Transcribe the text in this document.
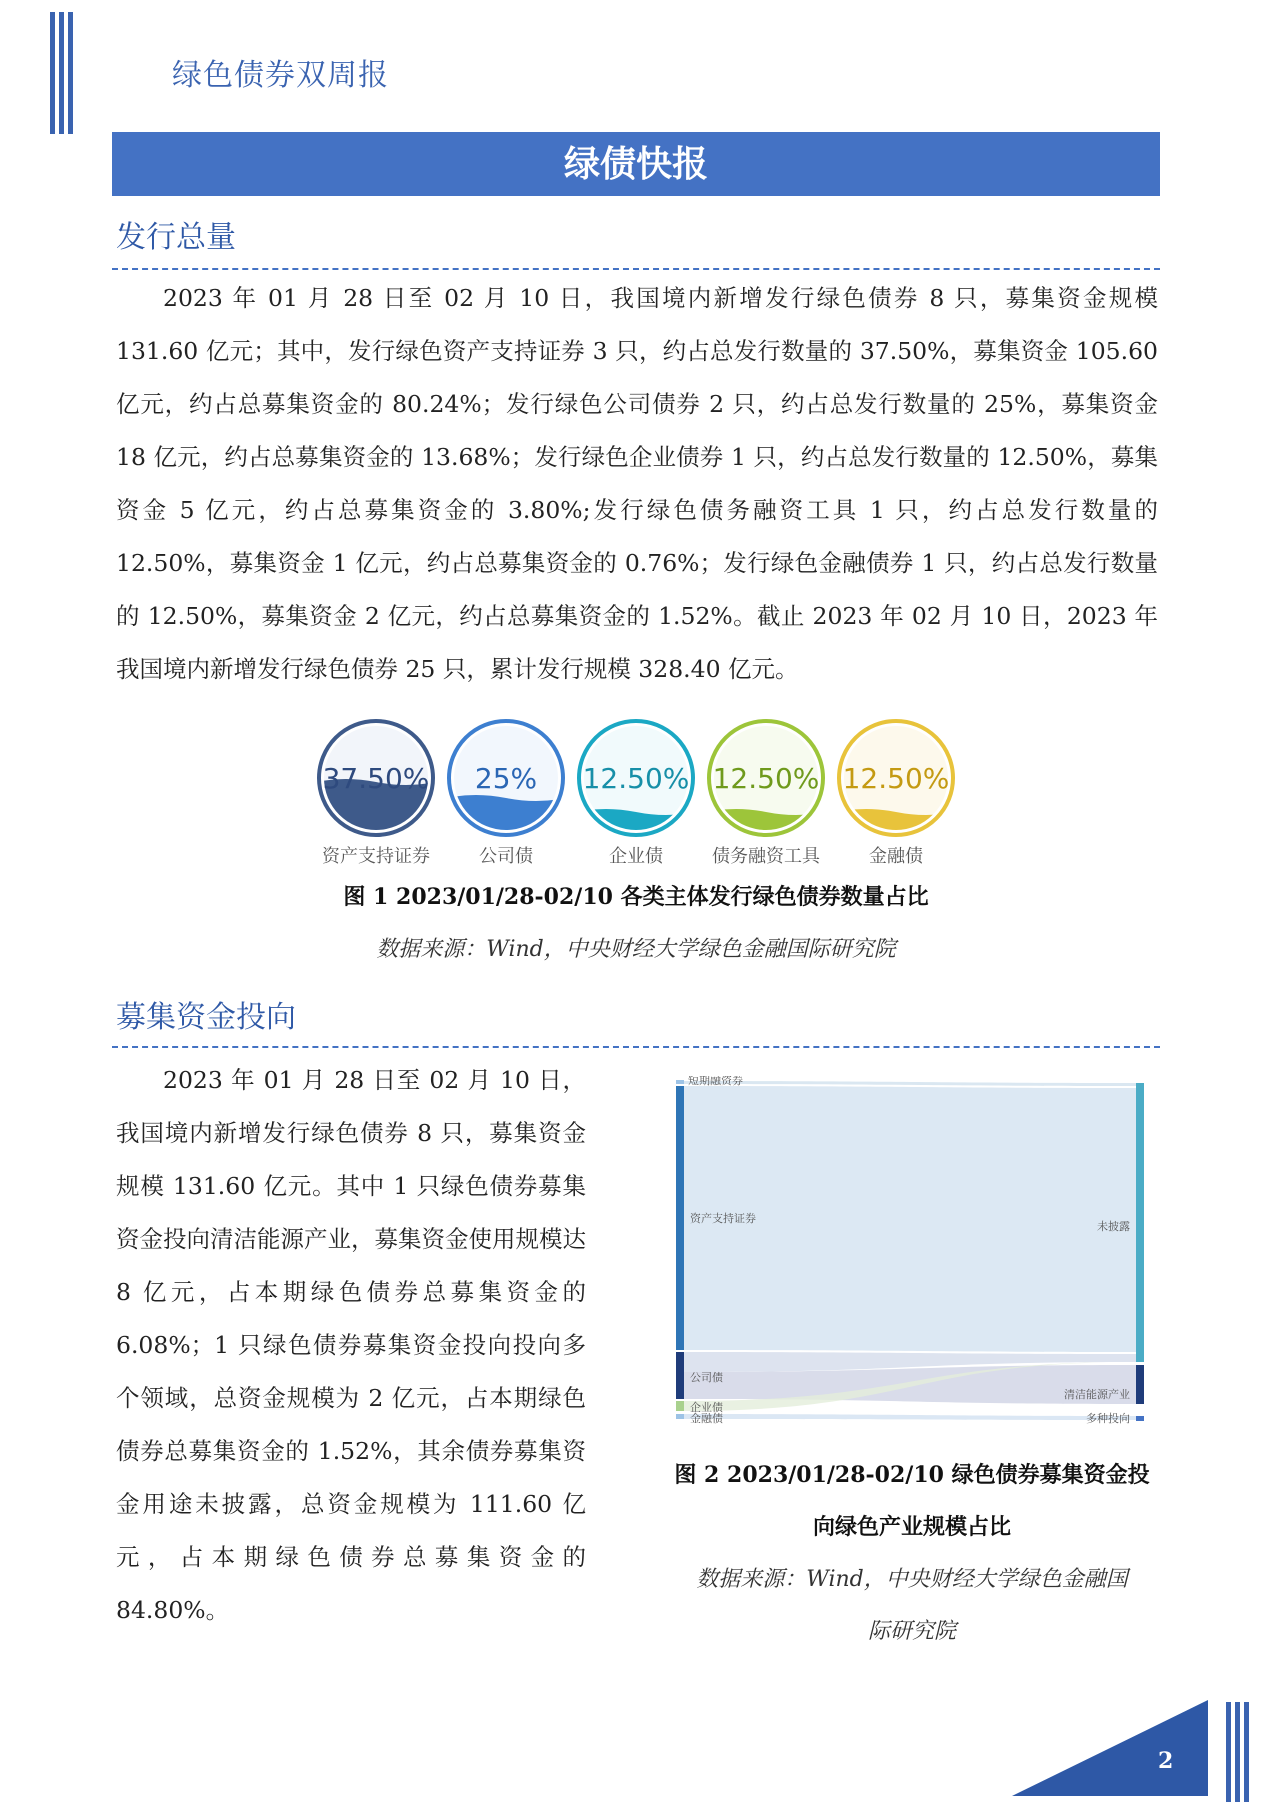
绿色债券双周报
绿债快报
发行总量

2023 年 01 月 28 日至 02 月 10 日，我国境内新增发行绿色债券 8 只，募集资金规模 131.60 亿元；其中，发行绿色资产支持证券 3 只，约占总发行数量的 37.50%，募集资金 105.60 亿元，约占总募集资金的 80.24%；发行绿色公司债券 2 只，约占总发行数量的 25%，募集资金 18 亿元，约占总募集资金的 13.68%；发行绿色企业债券 1 只，约占总发行数量的 12.50%，募集资金 5 亿元，约占总募集资金的 3.80%;发行绿色债务融资工具 1 只，约占总发行数量的 12.50%，募集资金 1 亿元，约占总募集资金的 0.76%；发行绿色金融债券 1 只，约占总发行数量的 12.50%，募集资金 2 亿元，约占总募集资金的 1.52%。截止 2023 年 02 月 10 日，2023 年我国境内新增发行绿色债券 25 只，累计发行规模 328.40 亿元。

37.50%
资产支持证券
25%
公司债
12.50%
企业债
12.50%
债务融资工具
12.50%
金融债
图 1 2023/01/28-02/10 各类主体发行绿色债券数量占比
数据来源：Wind，中央财经大学绿色金融国际研究院
募集资金投向

2023 年 01 月 28 日至 02 月 10 日，我国境内新增发行绿色债券 8 只，募集资金规模 131.60 亿元。其中 1 只绿色债券募集资金投向清洁能源产业，募集资金使用规模达 8 亿元，占本期绿色债券总募集资金的 6.08%；1 只绿色债券募集资金投向投向多个领域，总资金规模为 2 亿元，占本期绿色债券总募集资金的 1.52%，其余债券募集资金用途未披露，总资金规模为 111.60 亿元，占本期绿色债券总募集资金的 84.80%。

短期融资券
资产支持证券
公司债
企业债
金融债
未披露
清洁能源产业
多种投向
图 2 2023/01/28-02/10 绿色债券募集资金投
向绿色产业规模占比
数据来源：Wind，中央财经大学绿色金融国
际研究院
2
